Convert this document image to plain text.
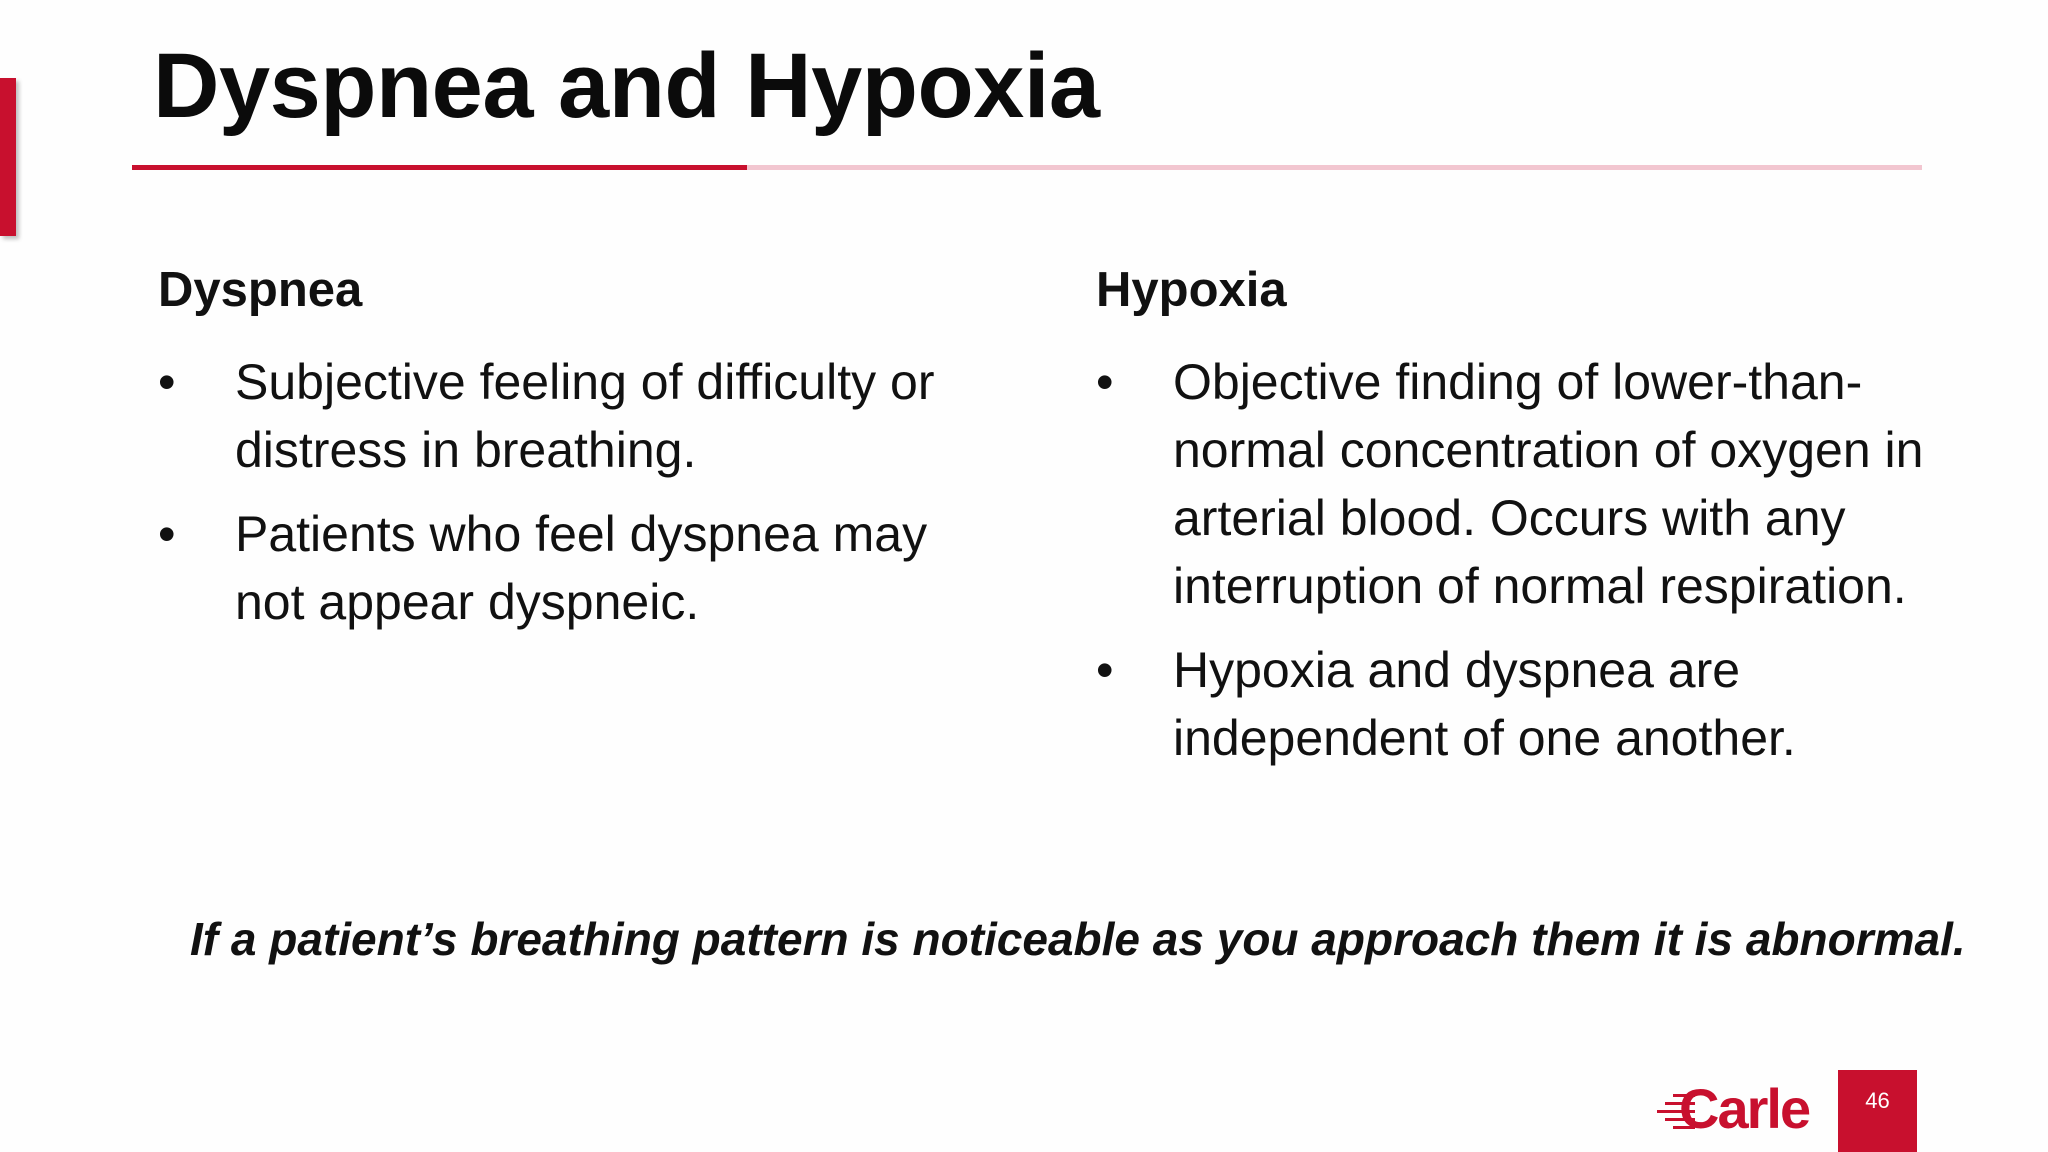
Dyspnea and Hypoxia
Dyspnea
• Subjective feeling of difficulty or distress in breathing.
• Patients who feel dyspnea may not appear dyspneic.
Hypoxia
• Objective finding of lower-than-normal concentration of oxygen in arterial blood. Occurs with any interruption of normal respiration.
• Hypoxia and dyspnea are independent of one another.

If a patient’s breathing pattern is noticeable as you approach them it is abnormal.

Carle	46
